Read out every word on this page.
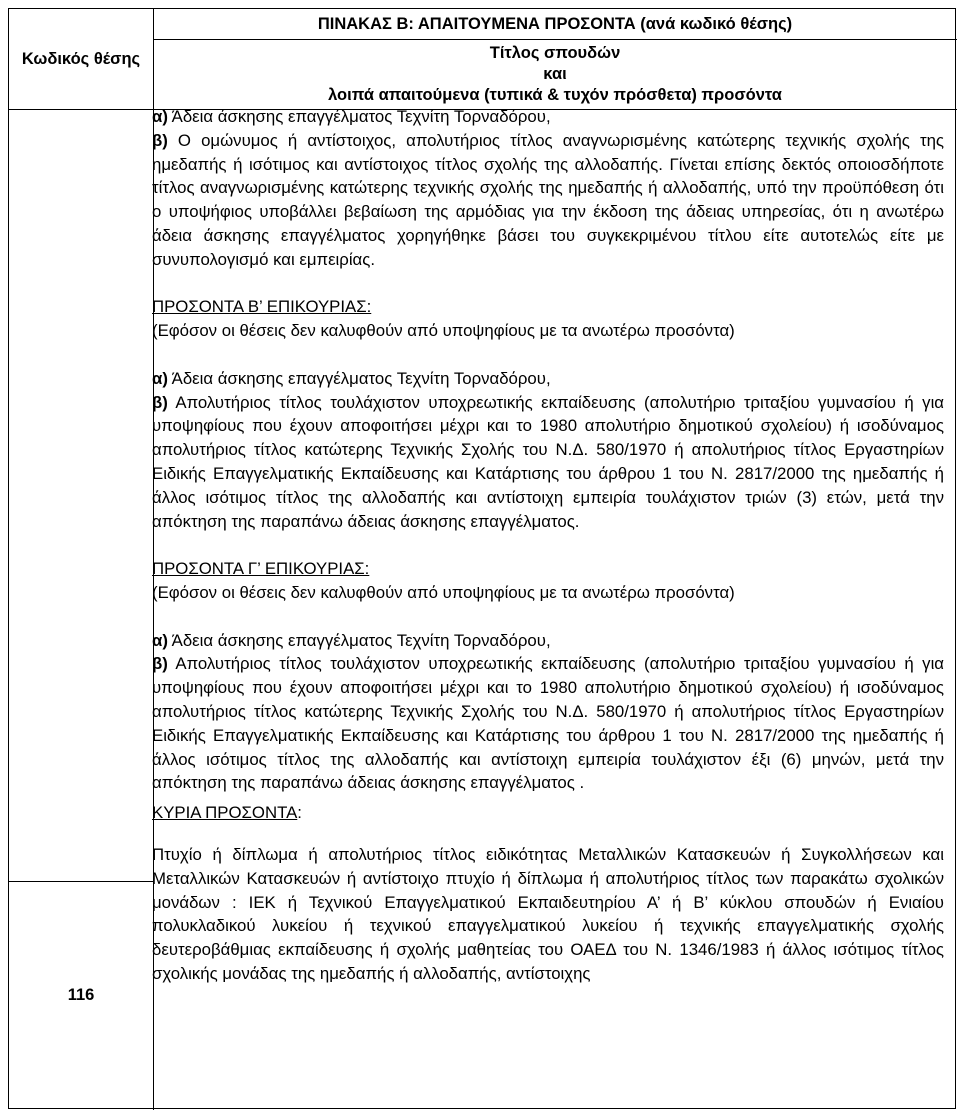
ΠΙΝΑΚΑΣ Β: ΑΠΑΙΤΟΥΜΕΝΑ ΠΡΟΣΟΝΤΑ (ανά κωδικό θέσης)
Κωδικός θέσης	Τίτλος σπουδών
και
λοιπά απαιτούμενα (τυπικά & τυχόν πρόσθετα) προσόντα
116

α) Άδεια άσκησης επαγγέλματος Τεχνίτη Τορναδόρου,

β) Ο ομώνυμος ή αντίστοιχος, απολυτήριος τίτλος αναγνωρισμένης κατώτερης τεχνικής σχολής της ημεδαπής ή ισότιμος και αντίστοιχος τίτλος σχολής της αλλοδαπής. Γίνεται επίσης δεκτός οποιοσδήποτε τίτλος αναγνωρισμένης κατώτερης τεχνικής σχολής της ημεδαπής ή αλλοδαπής, υπό την προϋπόθεση ότι ο υποψήφιος υποβάλλει βεβαίωση της αρμόδιας για την έκδοση της άδειας υπηρεσίας, ότι η ανωτέρω άδεια άσκησης επαγγέλματος χορηγήθηκε βάσει του συγκεκριμένου τίτλου είτε αυτοτελώς είτε με συνυπολογισμό και εμπειρίας.

ΠΡΟΣΟΝΤΑ Β’ ΕΠΙΚΟΥΡΙΑΣ:

(Εφόσον οι θέσεις δεν καλυφθούν από υποψηφίους με τα ανωτέρω προσόντα)

α) Άδεια άσκησης επαγγέλματος Τεχνίτη Τορναδόρου,

β) Απολυτήριος τίτλος τουλάχιστον υποχρεωτικής εκπαίδευσης (απολυτήριο τριταξίου γυμνασίου ή για υποψηφίους που έχουν αποφοιτήσει μέχρι και το 1980 απολυτήριο δημοτικού σχολείου) ή ισοδύναμος απολυτήριος τίτλος κατώτερης Τεχνικής Σχολής του Ν.Δ. 580/1970 ή απολυτήριος τίτλος Εργαστηρίων Ειδικής Επαγγελματικής Εκπαίδευσης και Κατάρτισης του άρθρου 1 του Ν. 2817/2000 της ημεδαπής ή άλλος ισότιμος τίτλος της αλλοδαπής και αντίστοιχη εμπειρία τουλάχιστον τριών (3) ετών, μετά την απόκτηση της παραπάνω άδειας άσκησης επαγγέλματος.

ΠΡΟΣΟΝΤΑ Γ’ ΕΠΙΚΟΥΡΙΑΣ:

(Εφόσον οι θέσεις δεν καλυφθούν από υποψηφίους με τα ανωτέρω προσόντα)

α) Άδεια άσκησης επαγγέλματος Τεχνίτη Τορναδόρου,

β) Απολυτήριος τίτλος τουλάχιστον υποχρεωτικής εκπαίδευσης (απολυτήριο τριταξίου γυμνασίου ή για υποψηφίους που έχουν αποφοιτήσει μέχρι και το 1980 απολυτήριο δημοτικού σχολείου) ή ισοδύναμος απολυτήριος τίτλος κατώτερης Τεχνικής Σχολής του Ν.Δ. 580/1970 ή απολυτήριος τίτλος Εργαστηρίων Ειδικής Επαγγελματικής Εκπαίδευσης και Κατάρτισης του άρθρου 1 του Ν. 2817/2000 της ημεδαπής ή άλλος ισότιμος τίτλος της αλλοδαπής και αντίστοιχη εμπειρία τουλάχιστον έξι (6) μηνών, μετά την απόκτηση της παραπάνω άδειας άσκησης επαγγέλματος .

ΚΥΡΙΑ ΠΡΟΣΟΝΤΑ:

Πτυχίο ή δίπλωμα ή απολυτήριος τίτλος ειδικότητας Μεταλλικών Κατασκευών ή Συγκολλήσεων και Μεταλλικών Κατασκευών ή αντίστοιχο πτυχίο ή δίπλωμα ή απολυτήριος τίτλος των παρακάτω σχολικών μονάδων : ΙΕΚ ή Τεχνικού Επαγγελματικού Εκπαιδευτηρίου Α’ ή Β’ κύκλου σπουδών ή Ενιαίου πολυκλαδικού λυκείου ή τεχνικού επαγγελματικού λυκείου ή τεχνικής επαγγελματικής σχολής δευτεροβάθμιας εκπαίδευσης ή σχολής μαθητείας του ΟΑΕΔ του Ν. 1346/1983 ή άλλος ισότιμος τίτλος σχολικής μονάδας της ημεδαπής ή αλλοδαπής, αντίστοιχης
